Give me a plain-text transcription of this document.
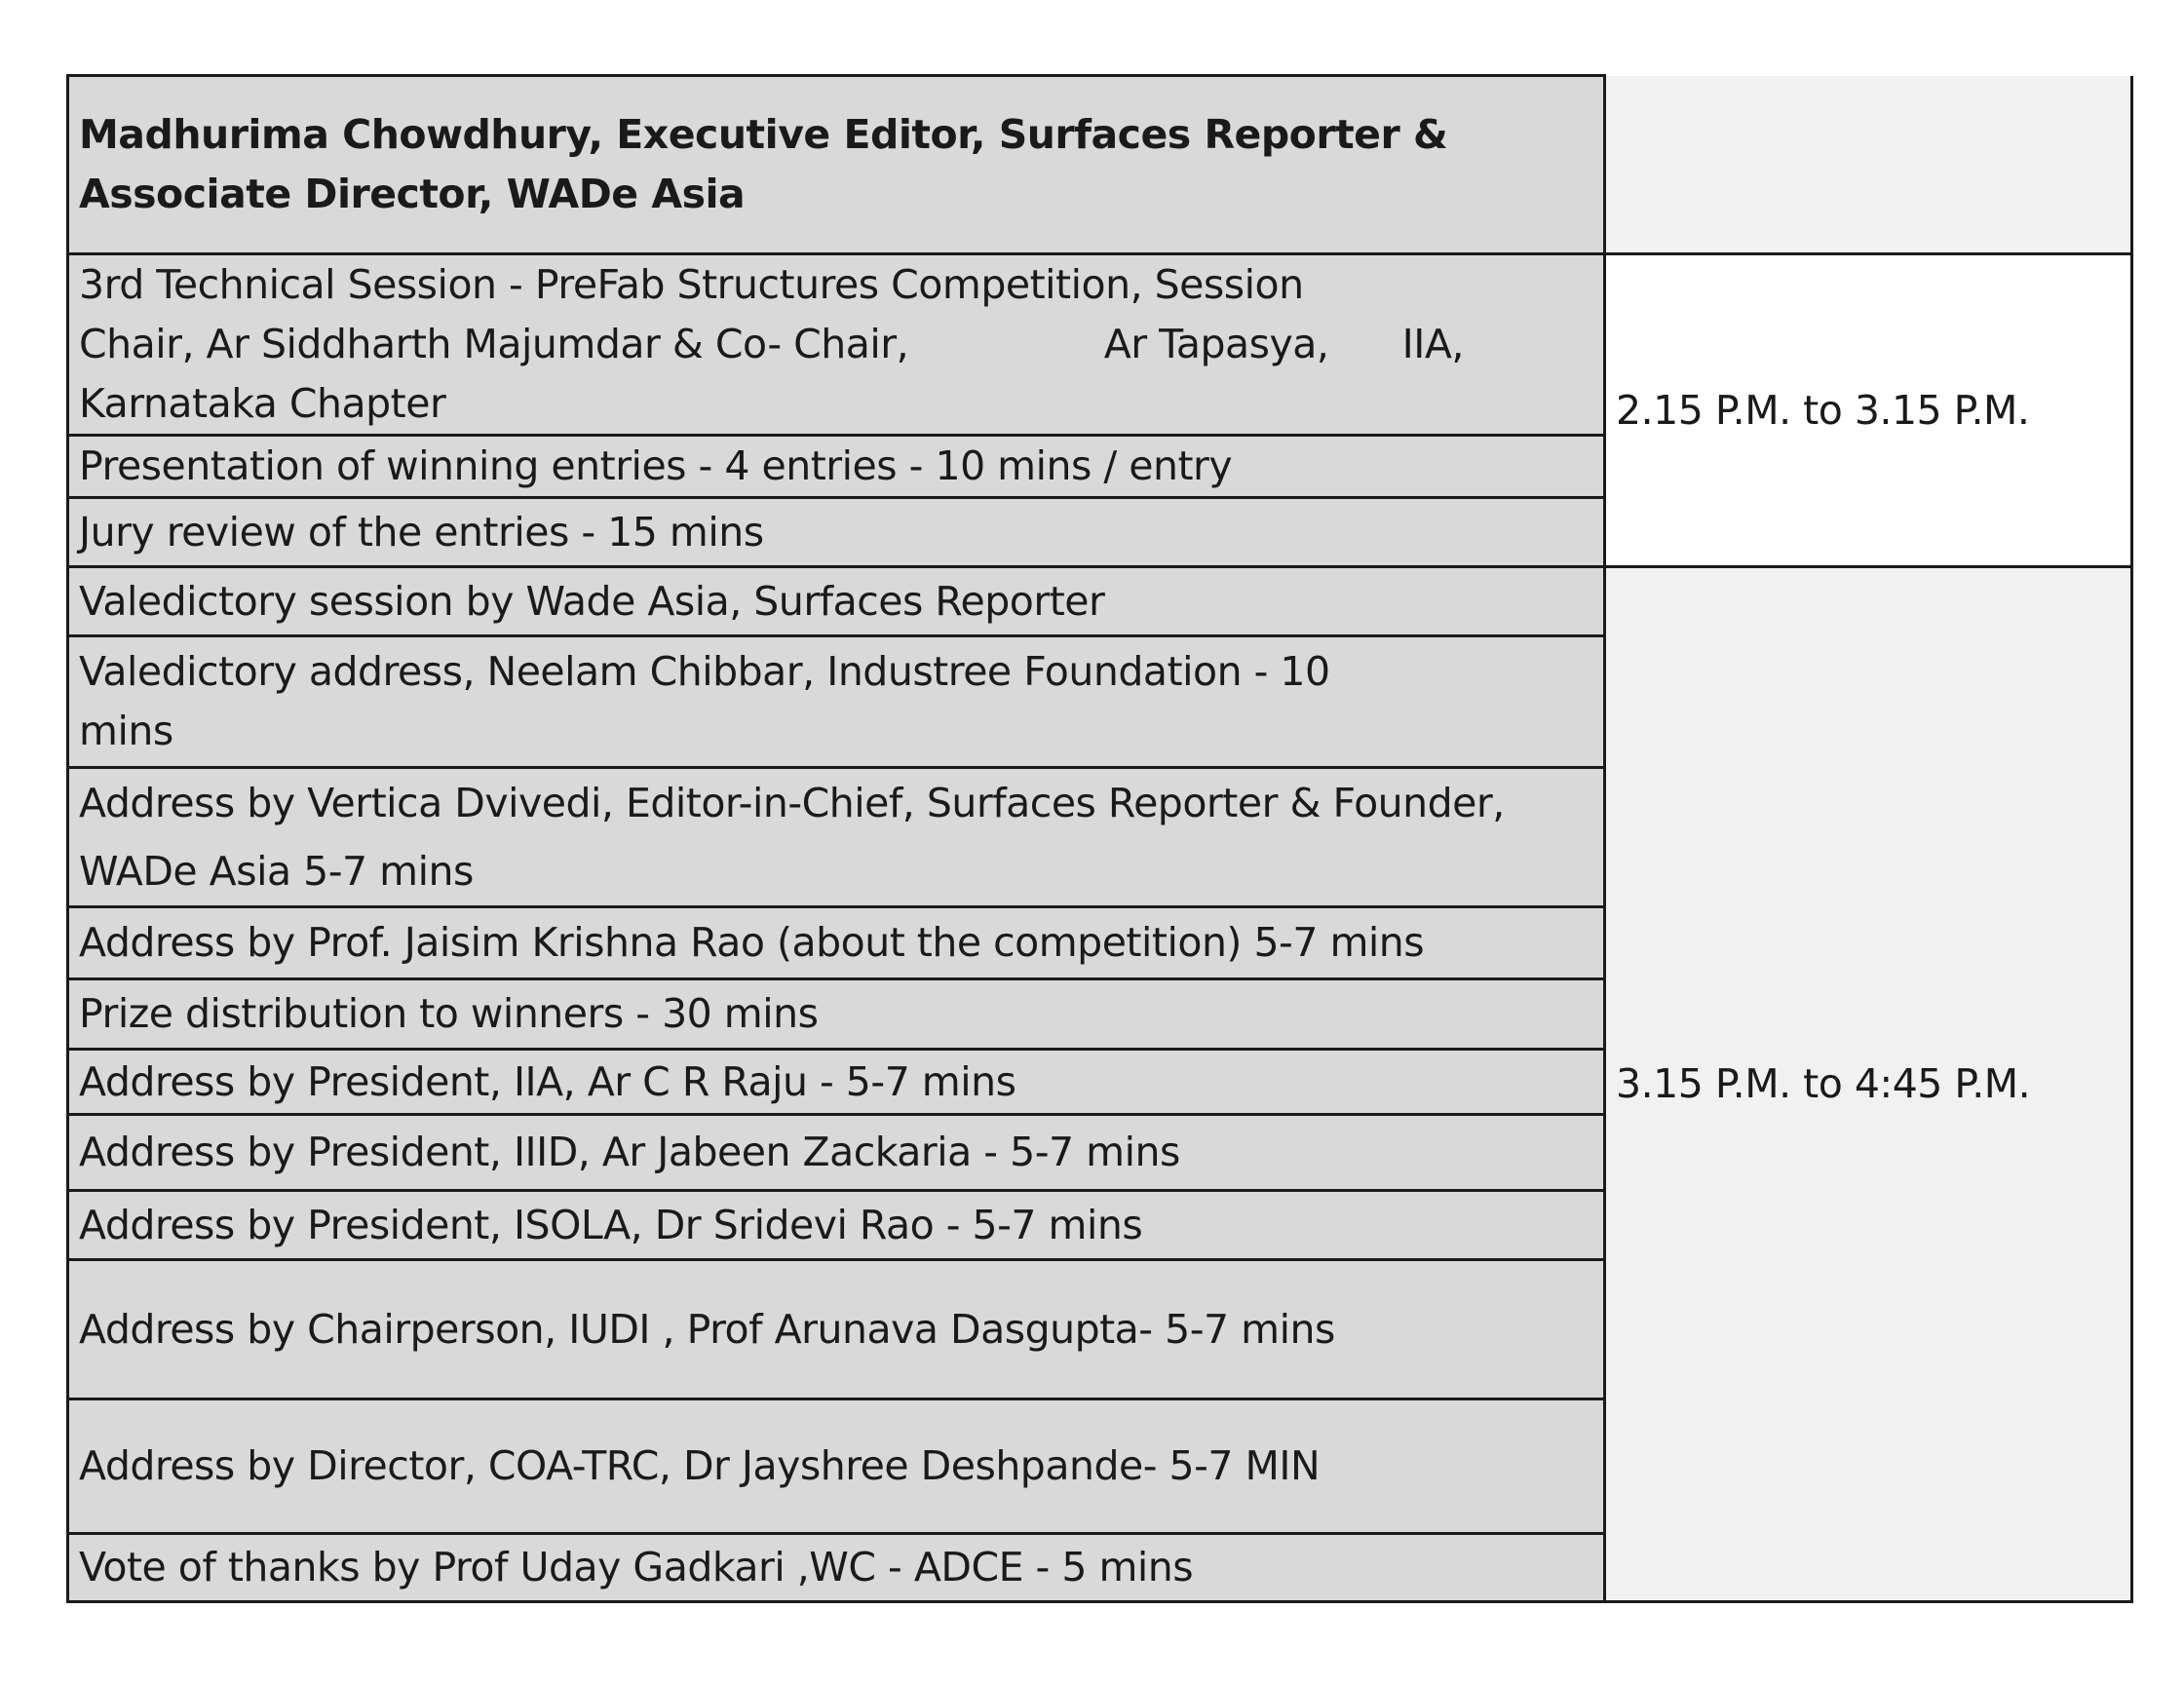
Madhurima Chowdhury, Executive Editor, Surfaces Reporter & Associate Director, WADe Asia	

3rd Technical Session - PreFab Structures Competition, Session
Chair, Ar Siddharth Majumdar & Co- Chair,                Ar Tapasya,      IIA,
Karnataka Chapter	2.15 P.M. to 3.15 P.M.
Presentation of winning entries - 4 entries - 10 mins / entry	
Jury review of the entries - 15 mins	
Valedictory session by Wade Asia, Surfaces Reporter	3.15 P.M. to 4:45 P.M.

Valedictory address, Neelam Chibbar, Industree Foundation - 10
mins	

Address by Vertica Dvivedi, Editor-in-Chief, Surfaces Reporter & Founder,
WADe Asia 5-7 mins	

Address by Prof. Jaisim Krishna Rao (about the competition) 5-7 mins	
Prize distribution to winners - 30 mins	
Address by President, IIA, Ar C R Raju - 5-7 mins	
Address by President, IIID, Ar Jabeen Zackaria - 5-7 mins	
Address by President, ISOLA, Dr Sridevi Rao - 5-7 mins	
Address by Chairperson, IUDI , Prof Arunava Dasgupta- 5-7 mins	
Address by Director, COA-TRC, Dr Jayshree Deshpande- 5-7 MIN	
Vote of thanks by Prof Uday Gadkari ,WC - ADCE - 5 mins	
